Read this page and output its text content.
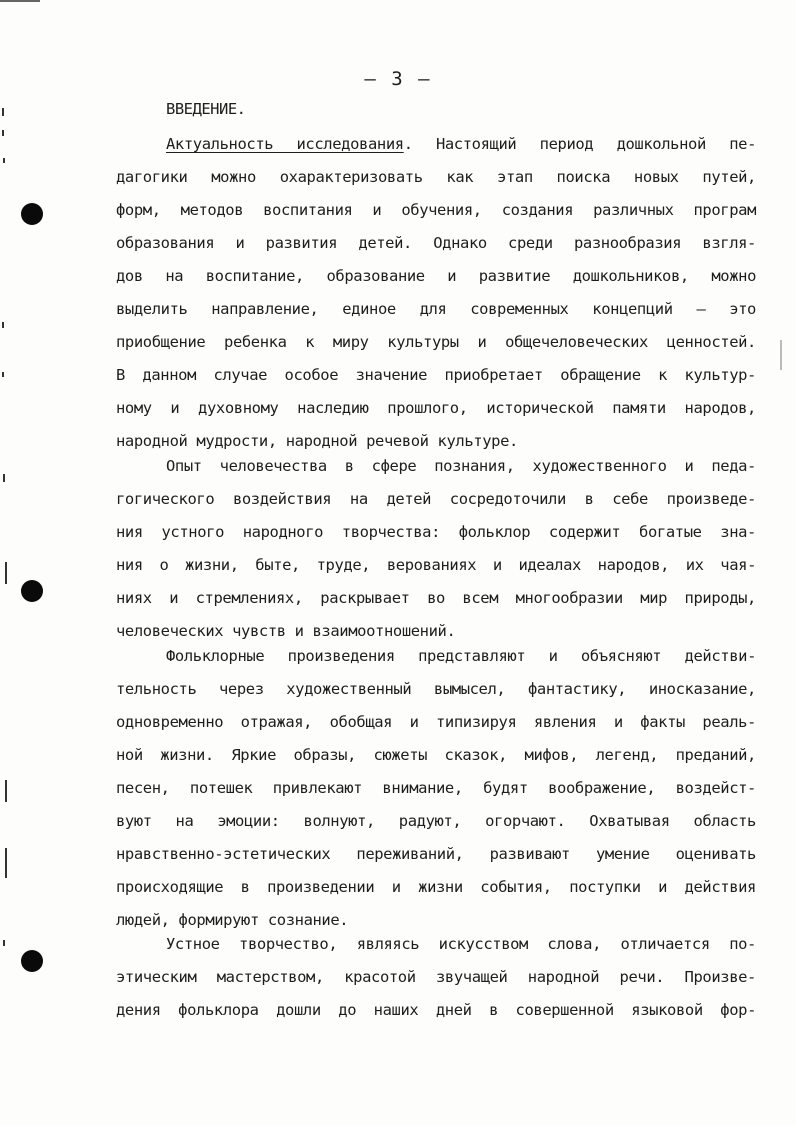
– 3 –
ВВЕДЕНИЕ.
Актуальность исследования. Настоящий период дошкольной пе-
дагогики можно охарактеризовать как этап поиска новых путей,
форм, методов воспитания и обучения, создания различных програм
образования и развития детей. Однако среди разнообразия взгля-
дов на воспитание, образование и развитие дошкольников, можно
выделить направление, единое для современных концепций – это
приобщение ребенка к миру культуры и общечеловеческих ценностей.
В данном случае особое значение приобретает обращение к культур-
ному и духовному наследию прошлого, исторической памяти народов,
народной мудрости, народной речевой культуре.
Опыт человечества в сфере познания, художественного и педа-
гогического воздействия на детей сосредоточили в себе произведе-
ния устного народного творчества: фольклор содержит богатые зна-
ния о жизни, быте, труде, верованиях и идеалах народов, их чая-
ниях и стремлениях, раскрывает во всем многообразии мир природы,
человеческих чувств и взаимоотношений.
Фольклорные произведения представляют и объясняют действи-
тельность через художественный вымысел, фантастику, иносказание,
одновременно отражая, обобщая и типизируя явления и факты реаль-
ной жизни. Яркие образы, сюжеты сказок, мифов, легенд, преданий,
песен, потешек привлекают внимание, будят воображение, воздейст-
вуют на эмоции: волнуют, радуют, огорчают. Охватывая область
нравственно-эстетических переживаний, развивают умение оценивать
происходящие в произведении и жизни события, поступки и действия
людей, формируют сознание.
Устное творчество, являясь искусством слова, отличается по-
этическим мастерством, красотой звучащей народной речи. Произве-
дения фольклора дошли до наших дней в совершенной языковой фор-
